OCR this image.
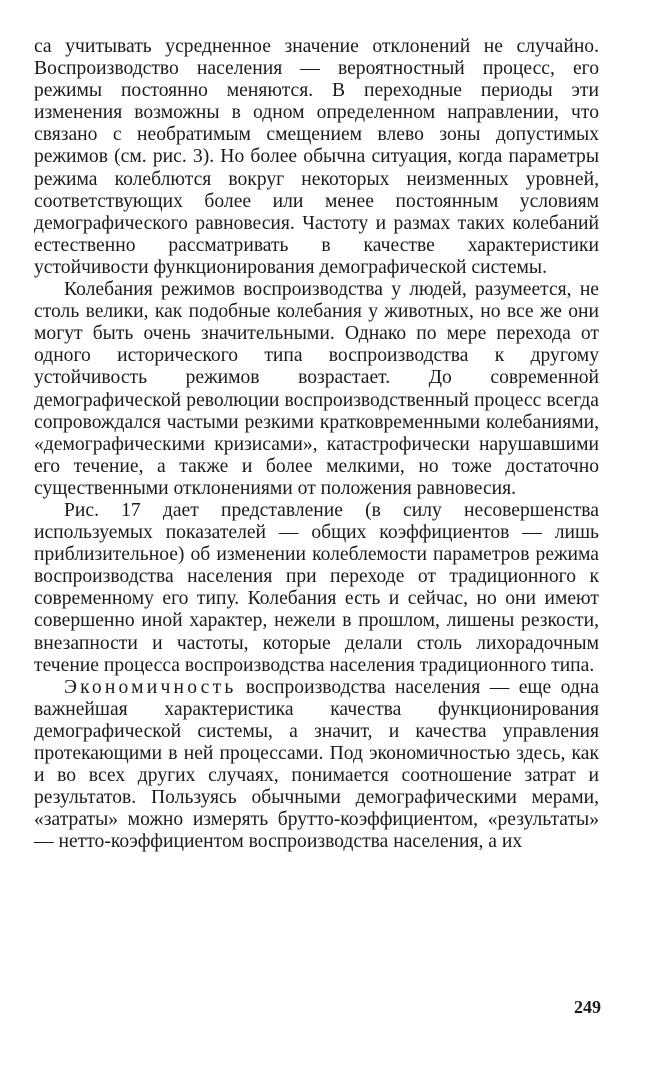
са учитывать усредненное значение отклонений не случайно. Воспроизводство населения — вероятностный процесс, его режимы постоянно меняются. В переходные периоды эти изменения возможны в одном определенном направлении, что связано с необратимым смещением влево зоны допустимых режимов (см. рис. 3). Но более обычна ситуация, когда параметры режима колеблются вокруг некоторых неизменных уровней, соответствующих более или менее постоянным условиям демографического равновесия. Частоту и размах таких колебаний естественно рассматривать в качестве характеристики устойчивости функционирования демографической системы.

Колебания режимов воспроизводства у людей, разумеется, не столь велики, как подобные колебания у животных, но все же они могут быть очень значительными. Однако по мере перехода от одного исторического типа воспроизводства к другому устойчивость режимов возрастает. До современной демографической революции воспроизводственный процесс всегда сопровождался частыми резкими кратковременными колебаниями, «демографическими кризисами», катастрофически нарушавшими его течение, а также и более мелкими, но тоже достаточно существенными отклонениями от положения равновесия.

Рис. 17 дает представление (в силу несовершенства используемых показателей — общих коэффициентов — лишь приблизительное) об изменении колеблемости параметров режима воспроизводства населения при переходе от традиционного к современному его типу. Колебания есть и сейчас, но они имеют совершенно иной характер, нежели в прошлом, лишены резкости, внезапности и частоты, которые делали столь лихорадочным течение процесса воспроизводства населения традиционного типа.

Экономичность воспроизводства населения — еще одна важнейшая характеристика качества функционирования демографической системы, а значит, и качества управления протекающими в ней процессами. Под экономичностью здесь, как и во всех других случаях, понимается соотношение затрат и результатов. Пользуясь обычными демографическими мерами, «затраты» можно измерять брутто-коэффициентом, «результаты» — нетто-коэффициентом воспроизводства населения, а их

249
